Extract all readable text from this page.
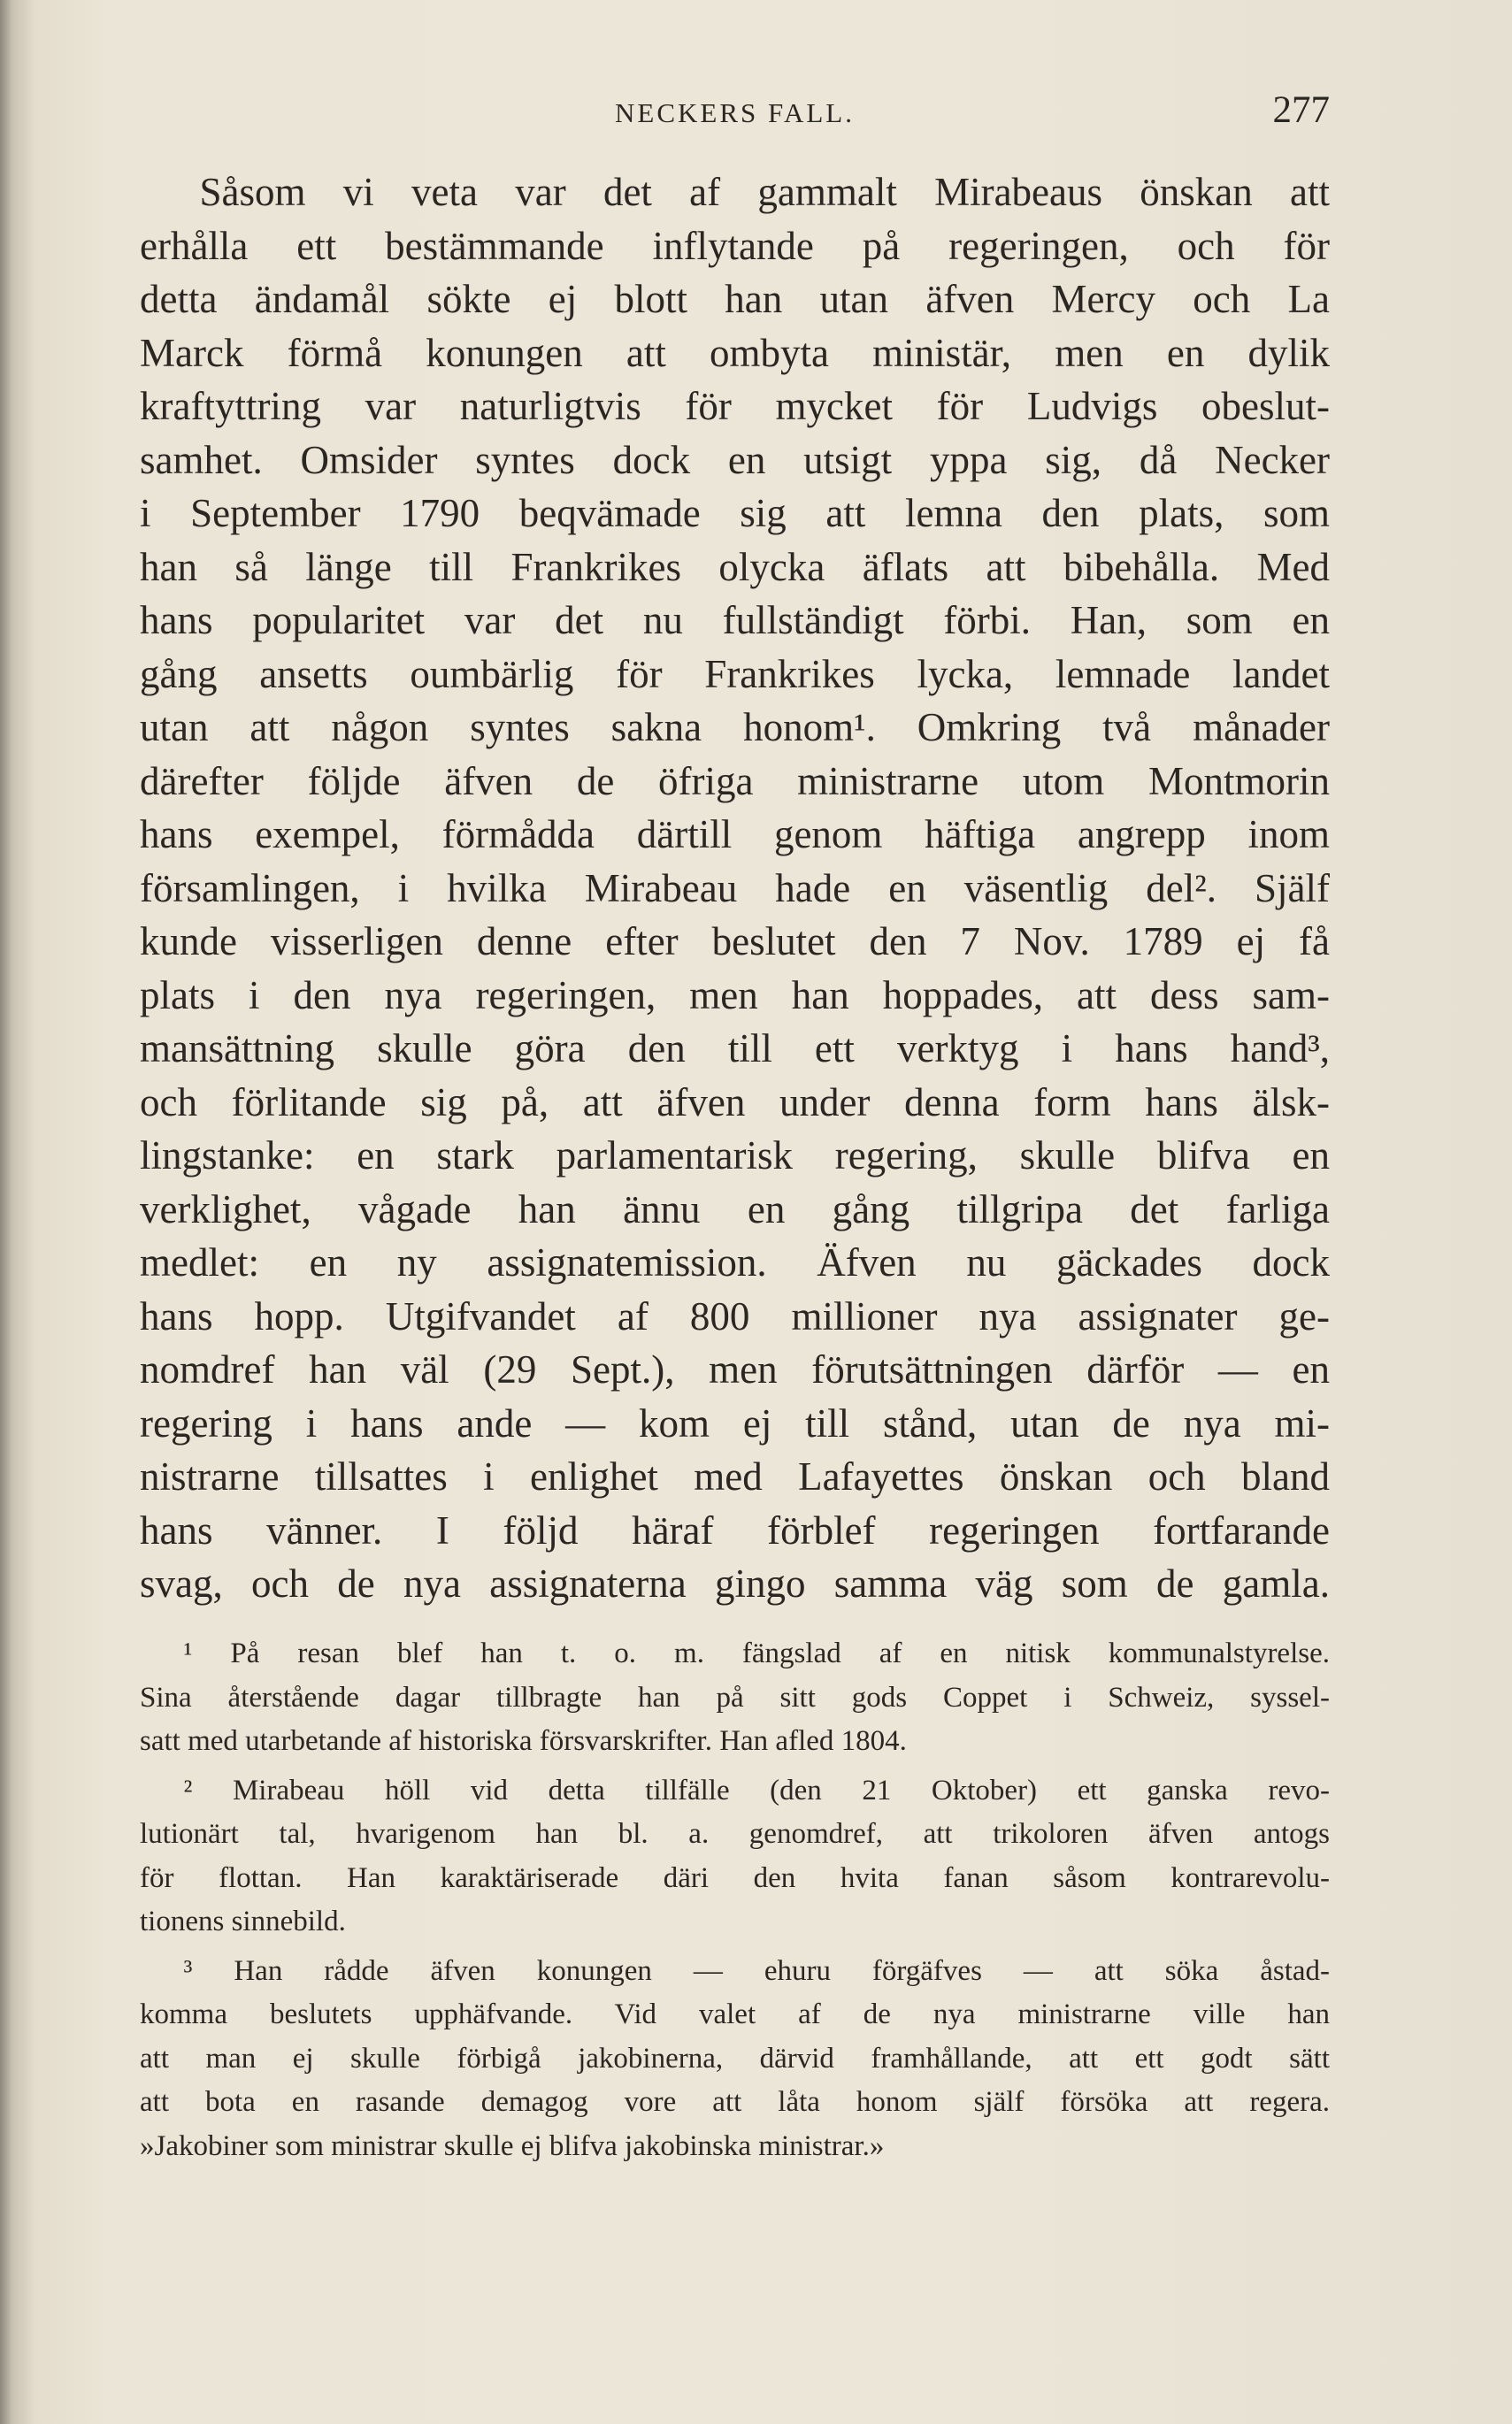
NECKERS FALL.	277
Såsom vi veta var det af gammalt Mirabeaus önskan att
erhålla ett bestämmande inflytande på regeringen, och för
detta ändamål sökte ej blott han utan äfven Mercy och La
Marck förmå konungen att ombyta ministär, men en dylik
kraftyttring var naturligtvis för mycket för Ludvigs obeslut-
samhet. Omsider syntes dock en utsigt yppa sig, då Necker
i September 1790 beqvämade sig att lemna den plats, som
han så länge till Frankrikes olycka äflats att bibehålla. Med
hans popularitet var det nu fullständigt förbi. Han, som en
gång ansetts oumbärlig för Frankrikes lycka, lemnade landet
utan att någon syntes sakna honom¹. Omkring två månader
därefter följde äfven de öfriga ministrarne utom Montmorin
hans exempel, förmådda därtill genom häftiga angrepp inom
församlingen, i hvilka Mirabeau hade en väsentlig del². Själf
kunde visserligen denne efter beslutet den 7 Nov. 1789 ej få
plats i den nya regeringen, men han hoppades, att dess sam-
mansättning skulle göra den till ett verktyg i hans hand³,
och förlitande sig på, att äfven under denna form hans älsk-
lingstanke: en stark parlamentarisk regering, skulle blifva en
verklighet, vågade han ännu en gång tillgripa det farliga
medlet: en ny assignatemission. Äfven nu gäckades dock
hans hopp. Utgifvandet af 800 millioner nya assignater ge-
nomdref han väl (29 Sept.), men förutsättningen därför — en
regering i hans ande — kom ej till stånd, utan de nya mi-
nistrarne tillsattes i enlighet med Lafayettes önskan och bland
hans vänner. I följd häraf förblef regeringen fortfarande
svag, och de nya assignaterna gingo samma väg som de gamla.
¹ På resan blef han t. o. m. fängslad af en nitisk kommunalstyrelse.
Sina återstående dagar tillbragte han på sitt gods Coppet i Schweiz, syssel-
satt med utarbetande af historiska försvarskrifter. Han afled 1804.
² Mirabeau höll vid detta tillfälle (den 21 Oktober) ett ganska revo-
lutionärt tal, hvarigenom han bl. a. genomdref, att trikoloren äfven antogs
för flottan. Han karaktäriserade däri den hvita fanan såsom kontrarevolu-
tionens sinnebild.
³ Han rådde äfven konungen — ehuru förgäfves — att söka åstad-
komma beslutets upphäfvande. Vid valet af de nya ministrarne ville han
att man ej skulle förbigå jakobinerna, därvid framhållande, att ett godt sätt
att bota en rasande demagog vore att låta honom själf försöka att regera.
»Jakobiner som ministrar skulle ej blifva jakobinska ministrar.»
